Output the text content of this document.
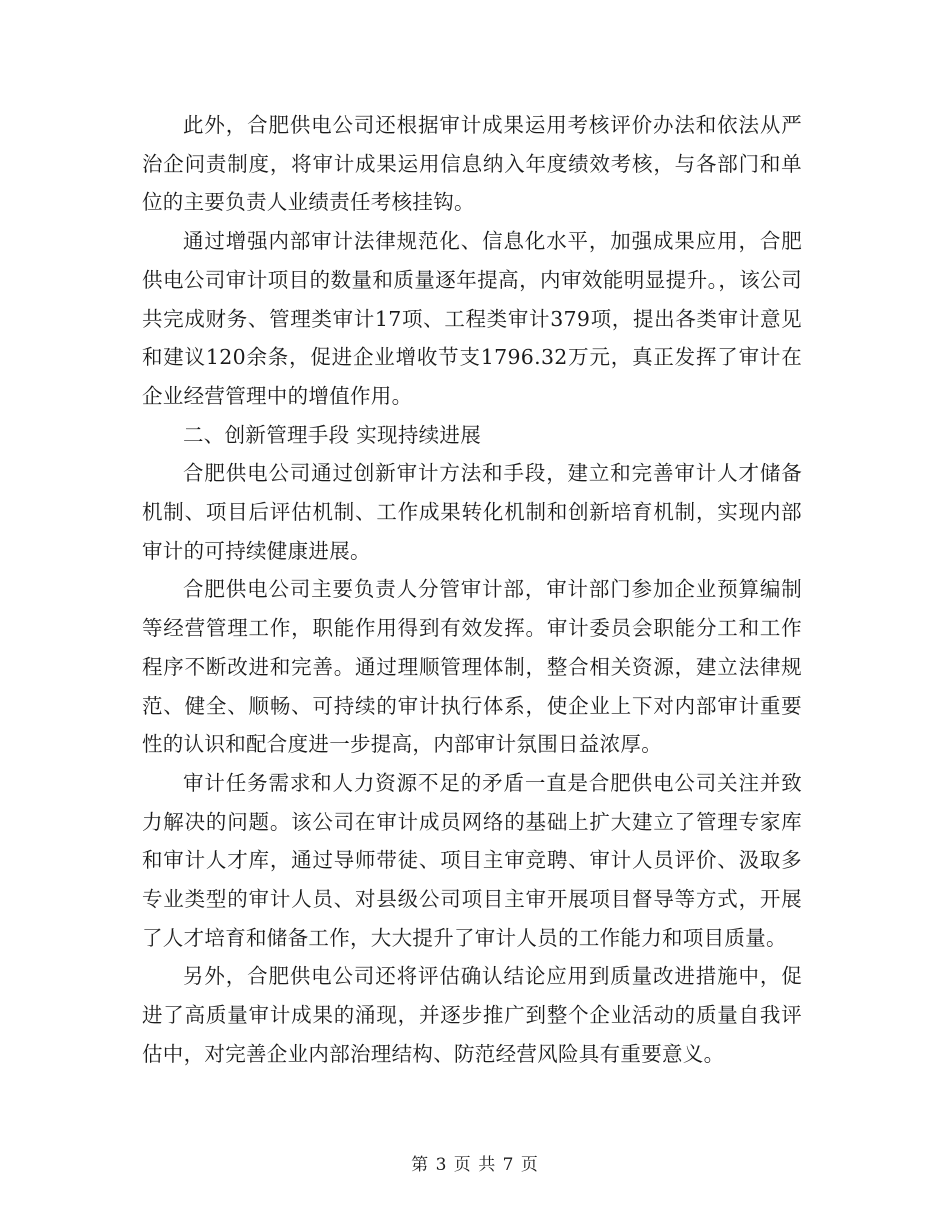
此外，合肥供电公司还根据审计成果运用考核评价办法和依法从严治企问责制度，将审计成果运用信息纳入年度绩效考核，与各部门和单位的主要负责人业绩责任考核挂钩。

通过增强内部审计法律规范化、信息化水平，加强成果应用，合肥供电公司审计项目的数量和质量逐年提高，内审效能明显提升。，该公司共完成财务、管理类审计17项、工程类审计379项，提出各类审计意见和建议120余条，促进企业增收节支1796.32万元，真正发挥了审计在企业经营管理中的增值作用。

二、创新管理手段 实现持续进展

合肥供电公司通过创新审计方法和手段，建立和完善审计人才储备机制、项目后评估机制、工作成果转化机制和创新培育机制，实现内部审计的可持续健康进展。

合肥供电公司主要负责人分管审计部，审计部门参加企业预算编制等经营管理工作，职能作用得到有效发挥。审计委员会职能分工和工作程序不断改进和完善。通过理顺管理体制，整合相关资源，建立法律规范、健全、顺畅、可持续的审计执行体系，使企业上下对内部审计重要性的认识和配合度进一步提高，内部审计氛围日益浓厚。

审计任务需求和人力资源不足的矛盾一直是合肥供电公司关注并致力解决的问题。该公司在审计成员网络的基础上扩大建立了管理专家库和审计人才库，通过导师带徒、项目主审竞聘、审计人员评价、汲取多专业类型的审计人员、对县级公司项目主审开展项目督导等方式，开展了人才培育和储备工作，大大提升了审计人员的工作能力和项目质量。

另外，合肥供电公司还将评估确认结论应用到质量改进措施中，促进了高质量审计成果的涌现，并逐步推广到整个企业活动的质量自我评估中，对完善企业内部治理结构、防范经营风险具有重要意义。

第 3 页 共 7 页
